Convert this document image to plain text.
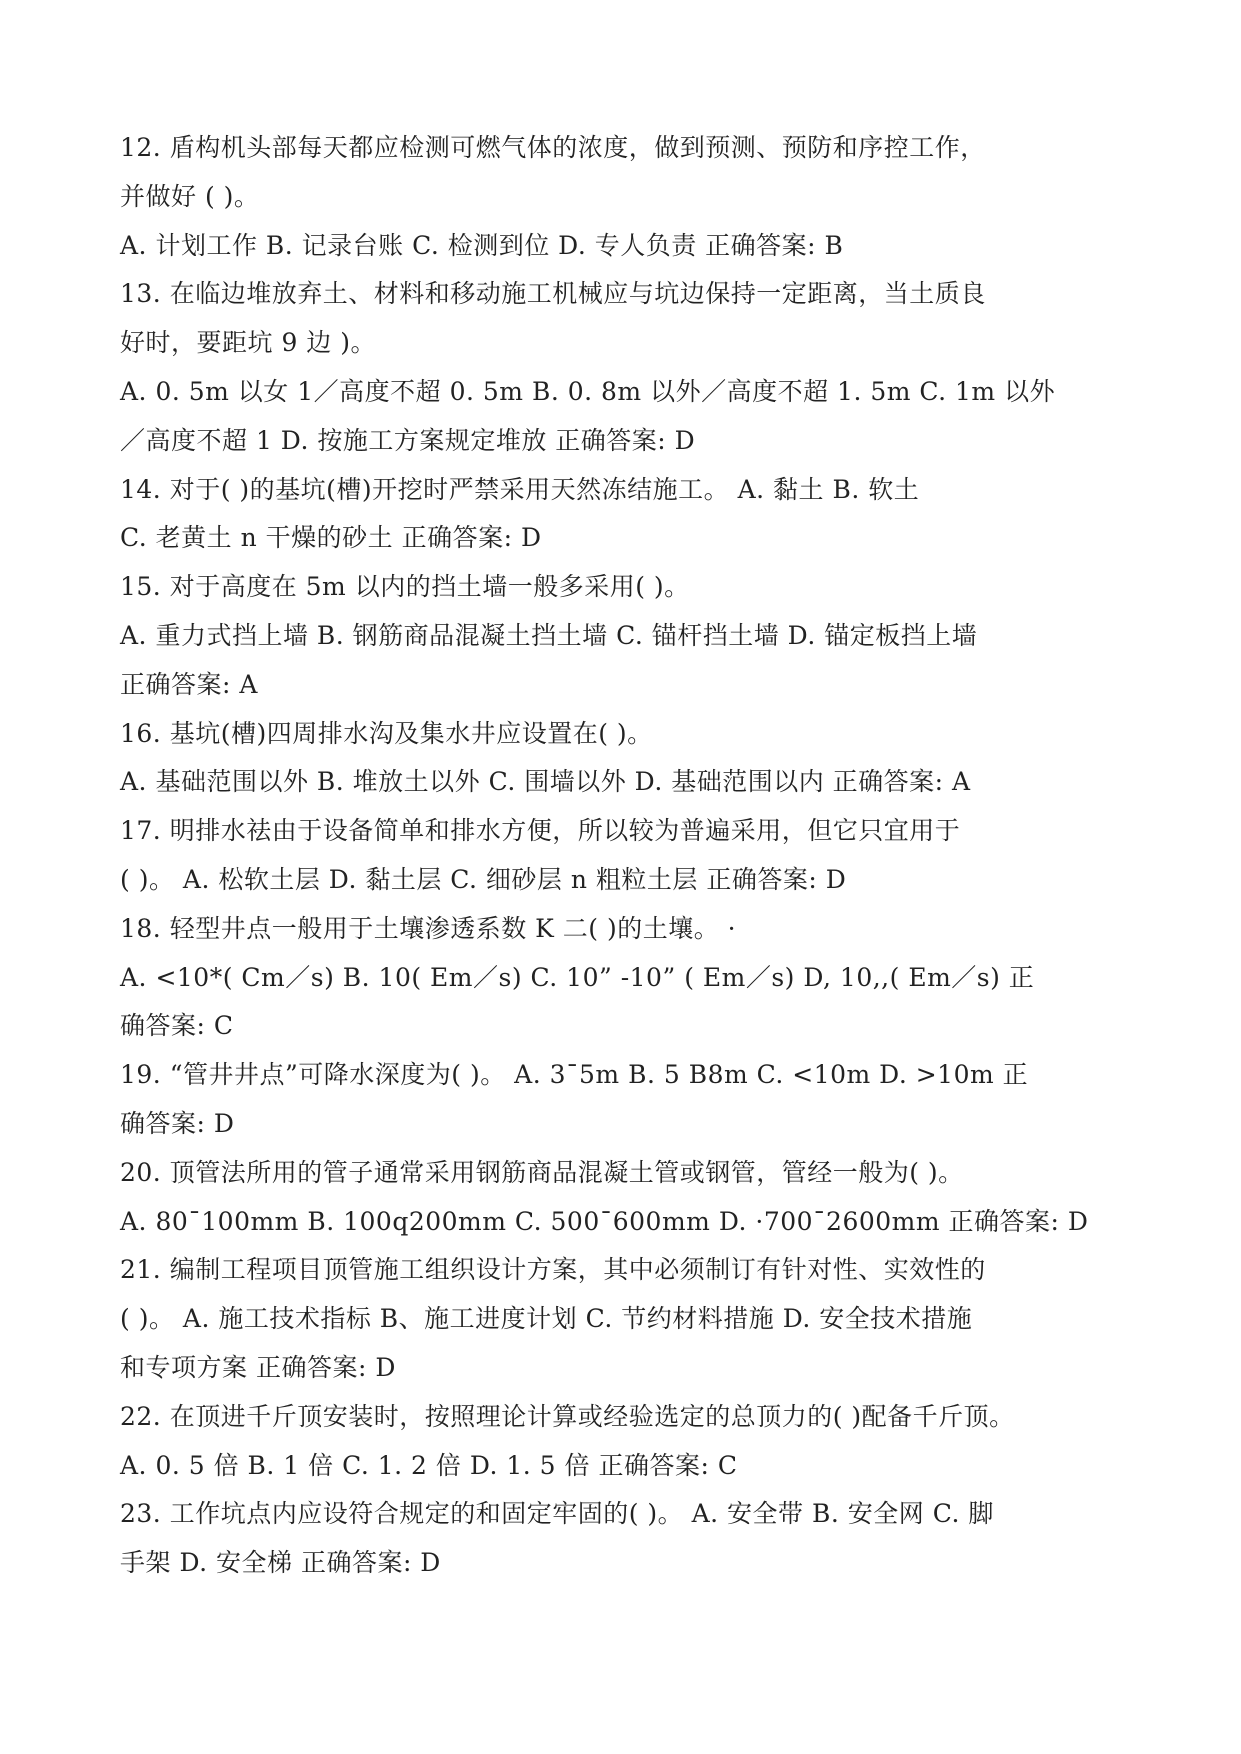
12. 盾构机头部每天都应检测可燃气体的浓度，做到预测、预防和序控工作，
并做好 ( )。
A. 计划工作 B. 记录台账 C. 检测到位 D. 专人负责 正确答案: B
13. 在临边堆放弃土、材料和移动施工机械应与坑边保持一定距离，当土质良
好时，要距坑 9 边 )。
A. 0. 5m 以女 1／高度不超 0. 5m B. 0. 8m 以外／高度不超 1. 5m C. 1m 以外
／高度不超 1 D. 按施工方案规定堆放 正确答案: D
14. 对于( )的基坑(槽)开挖时严禁采用天然冻结施工。 A. 黏土 B. 软土
C. 老黄土 n 干燥的砂土 正确答案: D
15. 对于高度在 5m 以内的挡土墙一般多采用( )。
A. 重力式挡上墙 B. 钢筋商品混凝土挡土墙 C. 锚杆挡土墙 D. 锚定板挡上墙
正确答案: A
16. 基坑(槽)四周排水沟及集水井应设置在( )。
A. 基础范围以外 B. 堆放土以外 C. 围墙以外 D. 基础范围以内 正确答案: A
17. 明排水祛由于设备简单和排水方便，所以较为普遍采用，但它只宜用于
( )。 A. 松软土层 D. 黏土层 C. 细砂层 n 粗粒土层 正确答案: D
18. 轻型井点一般用于土壤渗透系数 K 二( )的土壤。 ·
A. <10*( Cm／s) B. 10( Em／s) C. 10” -10” ( Em／s) D, 10,,( Em／s) 正
确答案: C
19. “管井井点”可降水深度为( )。 A. 3¯5m B. 5 B8m C. <10m D. >10m 正
确答案: D
20. 顶管法所用的管子通常采用钢筋商品混凝土管或钢管，管经一般为( )。
A. 80¯100mm B. 100q200mm C. 500¯600mm D. ·700¯2600mm 正确答案: D
21. 编制工程项目顶管施工组织设计方案，其中必须制订有针对性、实效性的
( )。 A. 施工技术指标 B、施工进度计划 C. 节约材料措施 D. 安全技术措施
和专项方案 正确答案: D
22. 在顶进千斤顶安装时，按照理论计算或经验选定的总顶力的( )配备千斤顶。
A. 0. 5 倍 B. 1 倍 C. 1. 2 倍 D. 1. 5 倍 正确答案: C
23. 工作坑点内应设符合规定的和固定牢固的( )。 A. 安全带 B. 安全网 C. 脚
手架 D. 安全梯 正确答案: D
